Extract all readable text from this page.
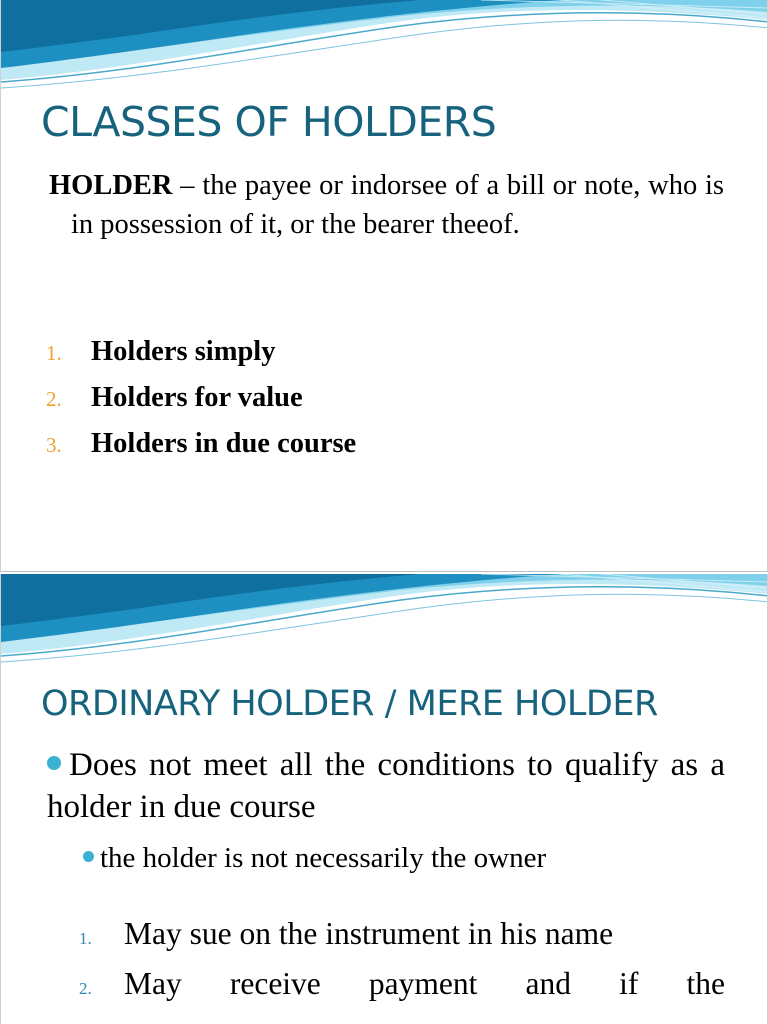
CLASSES OF HOLDERS

HOLDER – the payee or indorsee of a bill or note, who is in possession of it, or the bearer theeof.

1.	Holders simply
2.	Holders for value
3.	Holders in due course
ORDINARY HOLDER / MERE HOLDER

Does not meet all the conditions to qualify as a holder in due course

the holder is not necessarily the owner

1.	May sue on the instrument in his name
2.	May receive payment and if the
